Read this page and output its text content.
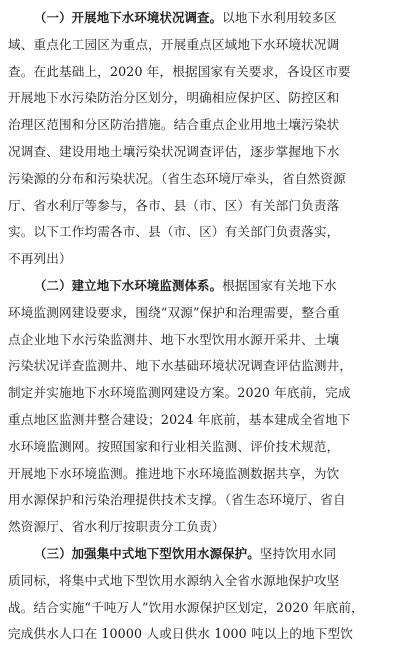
（一）开展地下水环境状况调查。以地下水利用较多区
域、重点化工园区为重点，开展重点区域地下水环境状况调
查。在此基础上，2020 年，根据国家有关要求，各设区市要
开展地下水污染防治分区划分，明确相应保护区、防控区和
治理区范围和分区防治措施。结合重点企业用地土壤污染状
况调查、建设用地土壤污染状况调查评估，逐步掌握地下水
污染源的分布和污染状况。（省生态环境厅牵头，省自然资源
厅、省水利厅等参与，各市、县（市、区）有关部门负责落
实。以下工作均需各市、县（市、区）有关部门负责落实，
不再列出）
（二）建立地下水环境监测体系。根据国家有关地下水
环境监测网建设要求，围绕“双源”保护和治理需要，整合重
点企业地下水污染监测井、地下水型饮用水源开采井、土壤
污染状况详查监测井、地下水基础环境状况调查评估监测井，
制定并实施地下水环境监测网建设方案。2020 年底前，完成
重点地区监测井整合建设；2024 年底前，基本建成全省地下
水环境监测网。按照国家和行业相关监测、评价技术规范，
开展地下水环境监测。推进地下水环境监测数据共享，为饮
用水源保护和污染治理提供技术支撑。（省生态环境厅、省自
然资源厅、省水利厅按职责分工负责）
（三）加强集中式地下型饮用水源保护。坚持饮用水同
质同标，将集中式地下型饮用水源纳入全省水源地保护攻坚
战。结合实施“千吨万人”饮用水源保护区划定，2020 年底前，
完成供水人口在 10000 人或日供水 1000 吨以上的地下型饮
